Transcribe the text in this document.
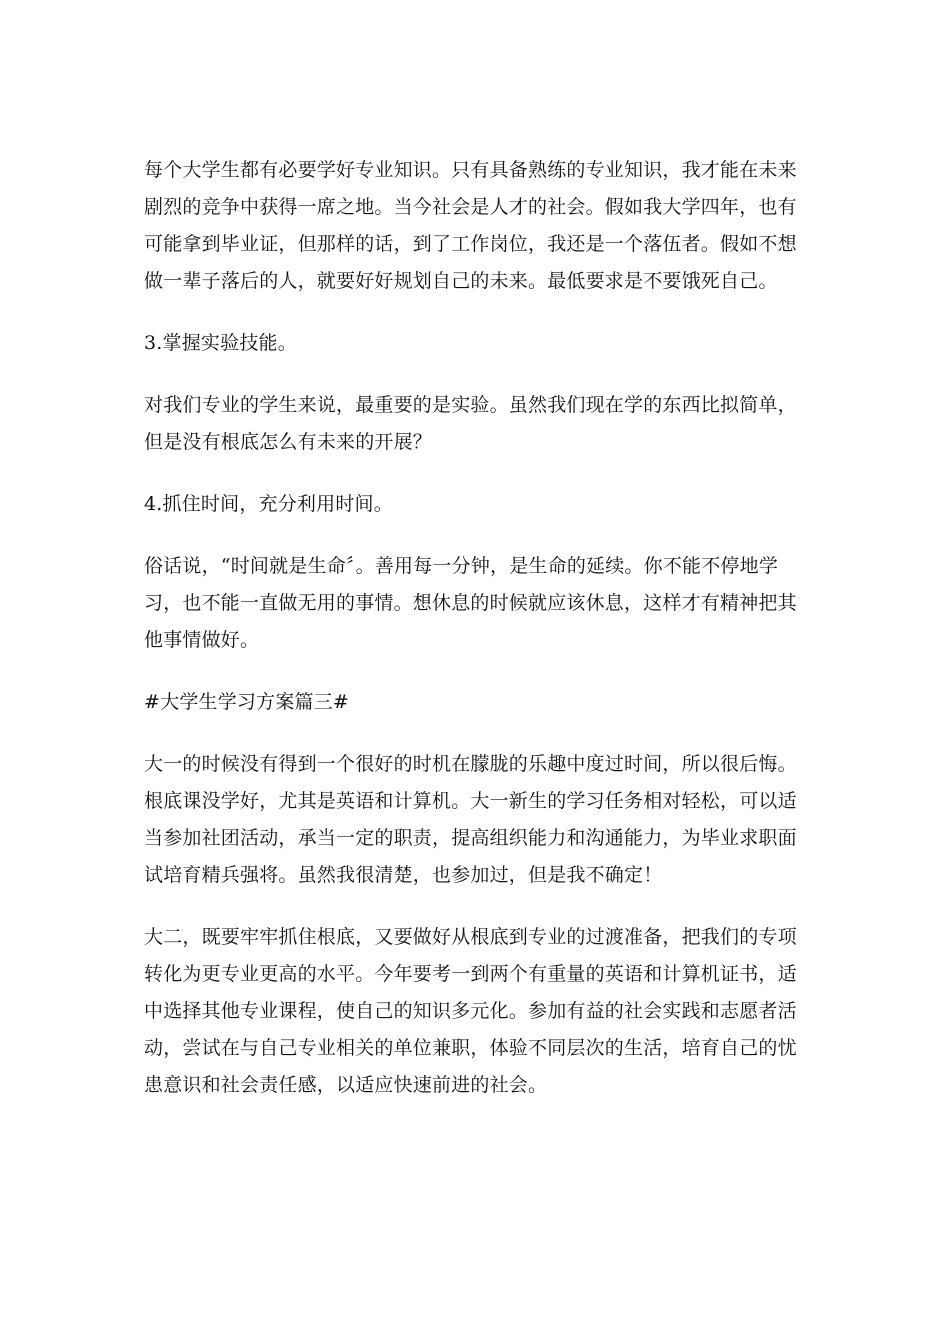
每个大学生都有必要学好专业知识。只有具备熟练的专业知识，我才能在未来剧烈的竞争中获得一席之地。当今社会是人才的社会。假如我大学四年，也有可能拿到毕业证，但那样的话，到了工作岗位，我还是一个落伍者。假如不想做一辈子落后的人，就要好好规划自己的未来。最低要求是不要饿死自己。

3.掌握实验技能。

对我们专业的学生来说，最重要的是实验。虽然我们现在学的东西比拟简单，但是没有根底怎么有未来的开展？

4.抓住时间，充分利用时间。

俗话说，“时间就是生命〞。善用每一分钟，是生命的延续。你不能不停地学习，也不能一直做无用的事情。想休息的时候就应该休息，这样才有精神把其他事情做好。

#大学生学习方案篇三#

大一的时候没有得到一个很好的时机在朦胧的乐趣中度过时间，所以很后悔。根底课没学好，尤其是英语和计算机。大一新生的学习任务相对轻松，可以适当参加社团活动，承当一定的职责，提高组织能力和沟通能力，为毕业求职面试培育精兵强将。虽然我很清楚，也参加过，但是我不确定！

大二，既要牢牢抓住根底，又要做好从根底到专业的过渡准备，把我们的专项转化为更专业更高的水平。今年要考一到两个有重量的英语和计算机证书，适中选择其他专业课程，使自己的知识多元化。参加有益的社会实践和志愿者活动，尝试在与自己专业相关的单位兼职，体验不同层次的生活，培育自己的忧患意识和社会责任感，以适应快速前进的社会。
